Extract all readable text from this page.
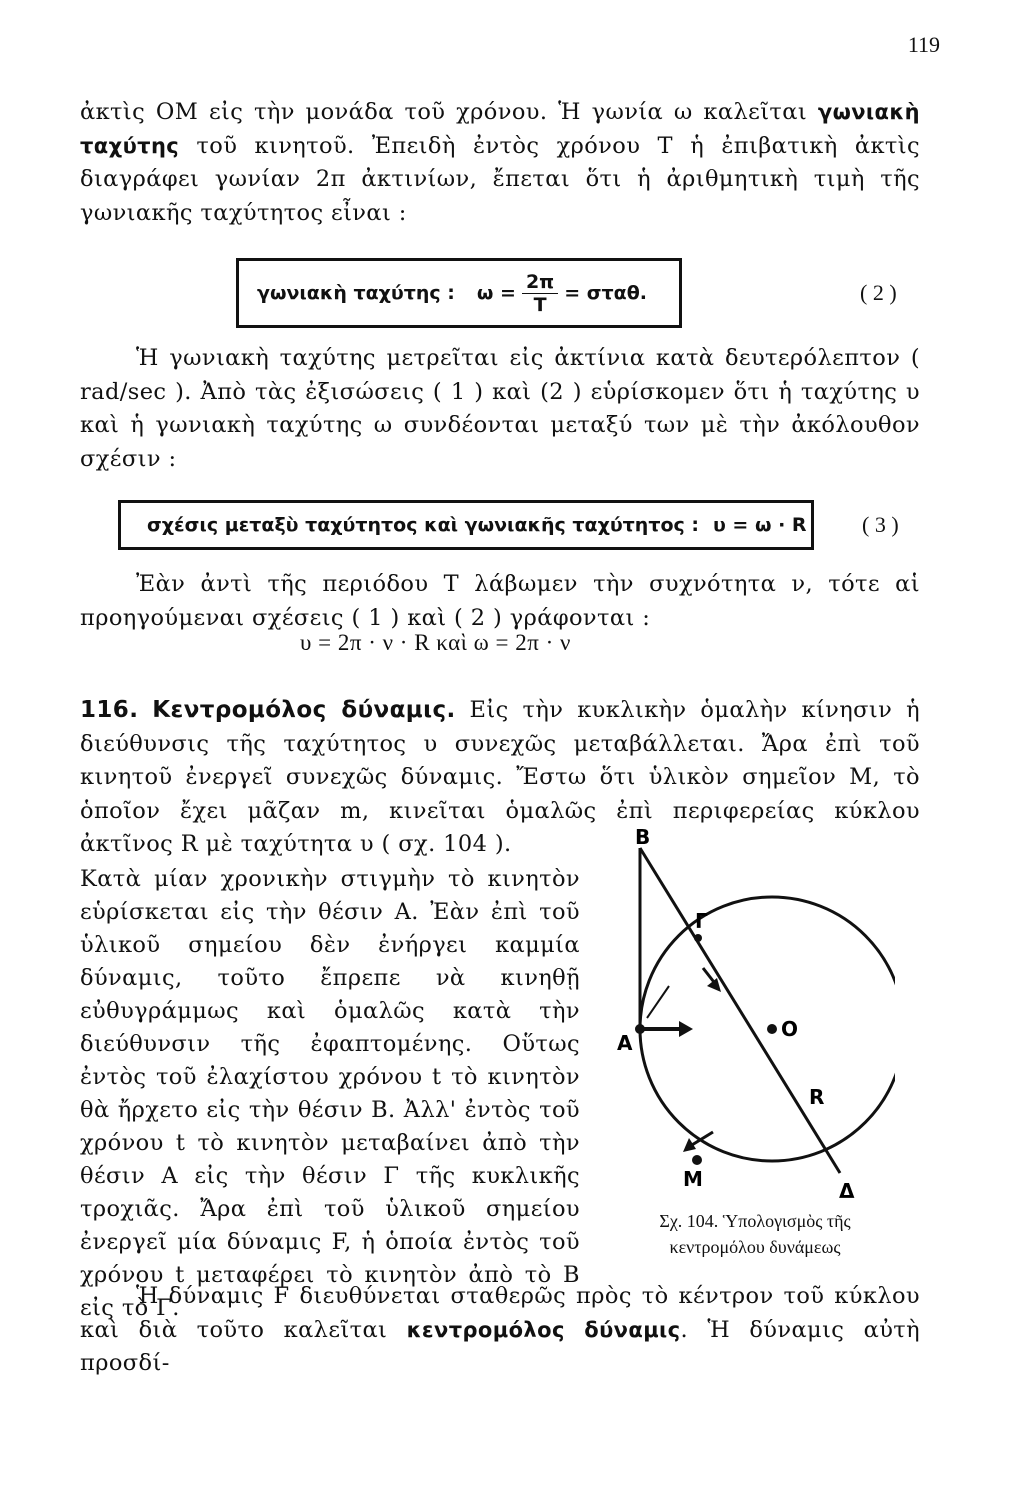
119

ἀκτὶς ΟΜ εἰς τὴν μονάδα τοῦ χρόνου. Ἡ γωνία ω καλεῖται γωνιακὴ ταχύτης τοῦ κινητοῦ. Ἐπειδὴ ἐντὸς χρόνου Τ ἡ ἐπιβατικὴ ἀκτὶς διαγράφει γωνίαν 2π ἀκτινίων, ἔπεται ὅτι ἡ ἀριθμητικὴ τιμὴ τῆς γωνιακῆς ταχύτητος εἶναι :

γωνιακὴ ταχύτης : $\omega = \frac{2\pi}{T} = \sigma\tau\alpha\theta$.	( 2 )

Ἡ γωνιακὴ ταχύτης μετρεῖται εἰς ἀκτίνια κατὰ δευτερόλεπτον ( rad/sec ). Ἀπὸ τὰς ἐξισώσεις ( 1 ) καὶ (2 ) εὑρίσκομεν ὅτι ἡ ταχύτης υ καὶ ἡ γωνιακὴ ταχύτης ω συνδέονται μεταξύ των μὲ τὴν ἀκόλουθον σχέσιν :

σχέσις μεταξὺ ταχύτητος καὶ γωνιακῆς ταχύτητος : υ = ω · R	( 3 )

Ἐὰν ἀντὶ τῆς περιόδου Τ λάβωμεν τὴν συχνότητα ν, τότε αἱ προηγούμεναι σχέσεις ( 1 ) καὶ ( 2 ) γράφονται :

υ = 2π · ν · R καὶ ω = 2π · ν

116. Κεντρομόλος δύναμις. Εἰς τὴν κυκλικὴν ὁμαλὴν κίνησιν ἡ διεύθυνσις τῆς ταχύτητος υ συνεχῶς μεταβάλλεται. Ἄρα ἐπὶ τοῦ κινητοῦ ἐνεργεῖ συνεχῶς δύναμις. Ἔστω ὅτι ὑλικὸν σημεῖον Μ, τὸ ὁποῖον ἔχει μᾶζαν m, κινεῖται ὁμαλῶς ἐπὶ περιφερείας κύκλου ἀκτῖνος R μὲ ταχύτητα υ ( σχ. 104 ).

Κατὰ μίαν χρονικὴν στιγμὴν τὸ κινητὸν εὑρίσκεται εἰς τὴν θέσιν Α. Ἐὰν ἐπὶ τοῦ ὑλικοῦ σημείου δὲν ἐνήργει καμμία δύναμις, τοῦτο ἔπρεπε νὰ κινηθῇ εὐθυγράμμως καὶ ὁμαλῶς κατὰ τὴν διεύθυνσιν τῆς ἐφαπτομένης. Οὕτως ἐντὸς τοῦ ἐλαχίστου χρόνου t τὸ κινητὸν θὰ ἤρχετο εἰς τὴν θέσιν Β. Ἀλλ' ἐντὸς τοῦ χρόνου t τὸ κινητὸν μεταβαίνει ἀπὸ τὴν θέσιν Α εἰς τὴν θέσιν Γ τῆς κυκλικῆς τροχιᾶς. Ἄρα ἐπὶ τοῦ ὑλικοῦ σημείου ἐνεργεῖ μία δύναμις F, ἡ ὁποία ἐντὸς τοῦ χρόνου t μεταφέρει τὸ κινητὸν ἀπὸ τὸ Β εἰς τὸ Γ.
B
Γ
A
O
R
M	Δ
Σχ. 104. Ὑπολογισμὸς τῆς
κεντρομόλου δυνάμεως

Ἡ δύναμις F διευθύνεται σταθερῶς πρὸς τὸ κέντρον τοῦ κύκλου καὶ διὰ τοῦτο καλεῖται κεντρομόλος δύναμις. Ἡ δύναμις αὐτὴ προσδί-
